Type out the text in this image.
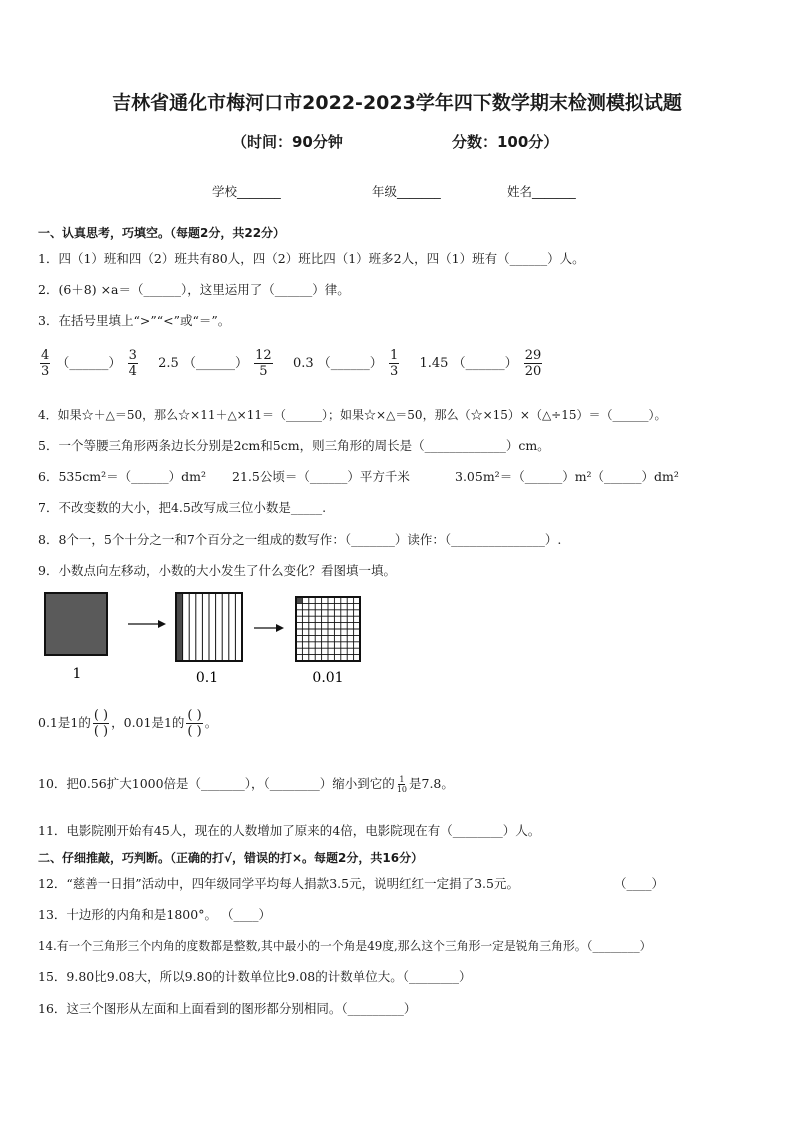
吉林省通化市梅河口市2022-2023学年四下数学期末检测模拟试题
（时间：90分钟	分数：100分）
学校_______	年级_______	姓名_______
一、认真思考，巧填空。（每题2分，共22分）
1．四（1）班和四（2）班共有80人，四（2）班比四（1）班多2人，四（1）班有（______）人。
2．(6＋8) ×a＝（______），这里运用了（______）律。
3．在括号里填上“>”“<”或“＝”。
$\frac{4}{3}$ （______） $\frac{3}{4} 2.5$ （______） $\frac{12}{5} 0.3$ （______） $\frac{1}{3} 1.45$ （______） $\frac{29}{20}$
4．如果☆＋△＝50，那么☆×11＋△×11＝（______）；如果☆×△＝50，那么（☆×15）×（△÷15）＝（______）。
5．一个等腰三角形两条边长分别是2cm和5cm，则三角形的周长是（_____________）cm。
6．535cm²＝（______）dm² 21.5公顷＝（______）平方千米	3.05m²＝（______）m²（______）dm²
7．不改变数的大小，把4.5改写成三位小数是_____.
8．8个一，5个十分之一和7个百分之一组成的数写作：（_______）读作：（_______________）.
9．小数点向左移动，小数的大小发生了什么变化？看图填一填。
1	0.1	0.01
0.1是1的 $\frac{( )}{( )}$ ，0.01是1的 $\frac{( )}{( )}$ 。
10．把0.56扩大1000倍是（_______），（________）缩小到它的 $\frac{1}{10}$ 是7.8。
11．电影院刚开始有45人，现在的人数增加了原来的4倍，电影院现在有（________）人。
二、仔细推敲，巧判断。（正确的打√，错误的打×。每题2分，共16分）
12．“慈善一日捐”活动中，四年级同学平均每人捐款3.5元，说明红红一定捐了3.5元。	（____）
13．十边形的内角和是1800°。 （____）
14.有一个三角形三个内角的度数都是整数,其中最小的一个角是49度,那么这个三角形一定是锐角三角形。（________）
15．9.80比9.08大，所以9.80的计数单位比9.08的计数单位大。（________）
16．这三个图形从左面和上面看到的图形都分别相同。（_________）
